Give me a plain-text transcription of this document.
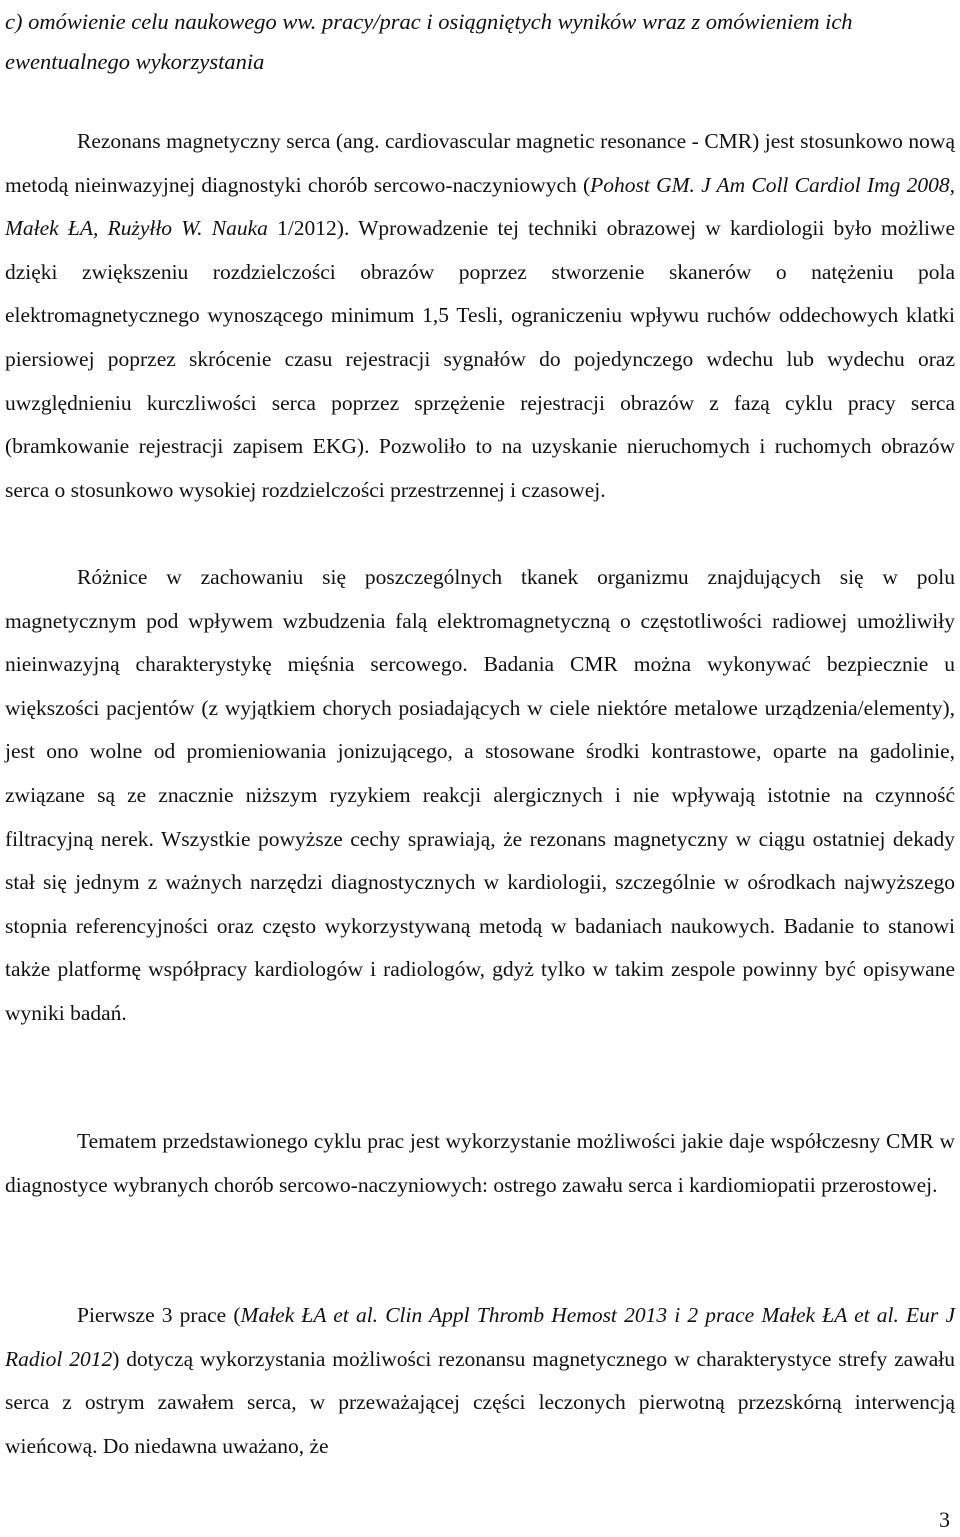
c) omówienie celu naukowego ww. pracy/prac i osiągniętych wyników wraz z omówieniem ich ewentualnego wykorzystania

Rezonans magnetyczny serca (ang. cardiovascular magnetic resonance - CMR) jest stosunkowo nową metodą nieinwazyjnej diagnostyki chorób sercowo-naczyniowych (Pohost GM. J Am Coll Cardiol Img 2008, Małek ŁA, Rużyłło W. Nauka 1/2012). Wprowadzenie tej techniki obrazowej w kardiologii było możliwe dzięki zwiększeniu rozdzielczości obrazów poprzez stworzenie skanerów o natężeniu pola elektromagnetycznego wynoszącego minimum 1,5 Tesli, ograniczeniu wpływu ruchów oddechowych klatki piersiowej poprzez skrócenie czasu rejestracji sygnałów do pojedynczego wdechu lub wydechu oraz uwzględnieniu kurczliwości serca poprzez sprzężenie rejestracji obrazów z fazą cyklu pracy serca (bramkowanie rejestracji zapisem EKG). Pozwoliło to na uzyskanie nieruchomych i ruchomych obrazów serca o stosunkowo wysokiej rozdzielczości przestrzennej i czasowej.

Różnice w zachowaniu się poszczególnych tkanek organizmu znajdujących się w polu magnetycznym pod wpływem wzbudzenia falą elektromagnetyczną o częstotliwości radiowej umożliwiły nieinwazyjną charakterystykę mięśnia sercowego. Badania CMR można wykonywać bezpiecznie u większości pacjentów (z wyjątkiem chorych posiadających w ciele niektóre metalowe urządzenia/elementy), jest ono wolne od promieniowania jonizującego, a stosowane środki kontrastowe, oparte na gadolinie, związane są ze znacznie niższym ryzykiem reakcji alergicznych i nie wpływają istotnie na czynność filtracyjną nerek. Wszystkie powyższe cechy sprawiają, że rezonans magnetyczny w ciągu ostatniej dekady stał się jednym z ważnych narzędzi diagnostycznych w kardiologii, szczególnie w ośrodkach najwyższego stopnia referencyjności oraz często wykorzystywaną metodą w badaniach naukowych. Badanie to stanowi także platformę współpracy kardiologów i radiologów, gdyż tylko w takim zespole powinny być opisywane wyniki badań.

Tematem przedstawionego cyklu prac jest wykorzystanie możliwości jakie daje współczesny CMR w diagnostyce wybranych chorób sercowo-naczyniowych: ostrego zawału serca i kardiomiopatii przerostowej.

Pierwsze 3 prace (Małek ŁA et al. Clin Appl Thromb Hemost 2013 i 2 prace Małek ŁA et al. Eur J Radiol 2012) dotyczą wykorzystania możliwości rezonansu magnetycznego w charakterystyce strefy zawału serca z ostrym zawałem serca, w przeważającej części leczonych pierwotną przezskórną interwencją wieńcową. Do niedawna uważano, że

3
